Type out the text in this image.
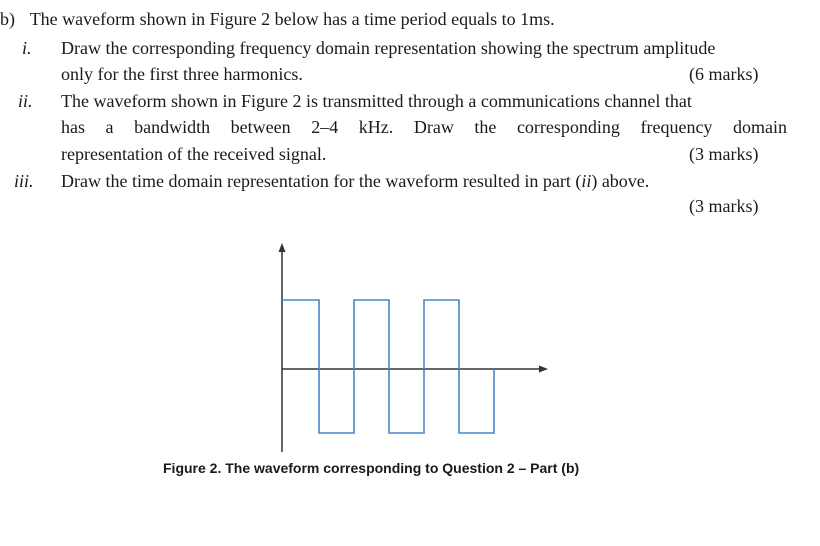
b) The waveform shown in Figure 2 below has a time period equals to 1ms.
i. Draw the corresponding frequency domain representation showing the spectrum amplitude
only for the first three harmonics.	(6 marks)
ii. The waveform shown in Figure 2 is transmitted through a communications channel that
has a bandwidth between 2–4 kHz. Draw the corresponding frequency domain
representation of the received signal.	(3 marks)
iii. Draw the time domain representation for the waveform resulted in part (ii) above.
(3 marks)
Figure 2. The waveform corresponding to Question 2 – Part (b)
